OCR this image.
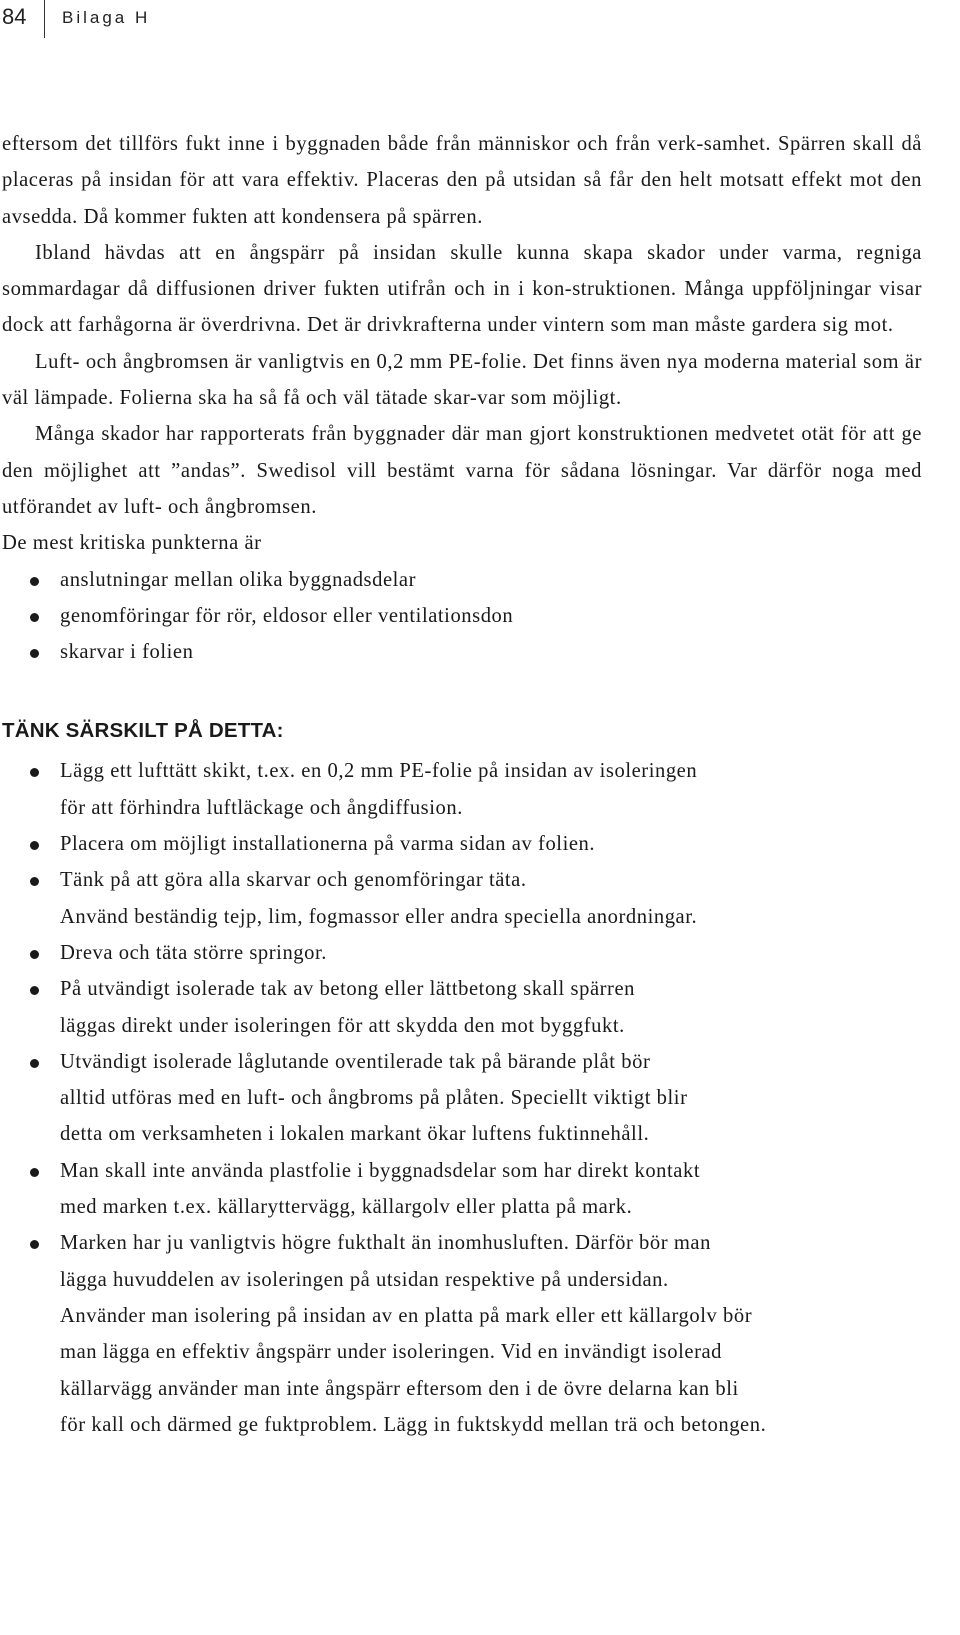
84 Bilaga H

eftersom det tillförs fukt inne i byggnaden både från människor och från verk-samhet. Spärren skall då placeras på insidan för att vara effektiv. Placeras den på utsidan så får den helt motsatt effekt mot den avsedda. Då kommer fukten att kondensera på spärren.

Ibland hävdas att en ångspärr på insidan skulle kunna skapa skador under varma, regniga sommardagar då diffusionen driver fukten utifrån och in i kon-struktionen. Många uppföljningar visar dock att farhågorna är överdrivna. Det är drivkrafterna under vintern som man måste gardera sig mot.

Luft- och ångbromsen är vanligtvis en 0,2 mm PE-folie. Det finns även nya moderna material som är väl lämpade. Folierna ska ha så få och väl tätade skar-var som möjligt.

Många skador har rapporterats från byggnader där man gjort konstruktionen medvetet otät för att ge den möjlighet att ”andas”. Swedisol vill bestämt varna för sådana lösningar. Var därför noga med utförandet av luft- och ångbromsen.

De mest kritiska punkterna är

anslutningar mellan olika byggnadsdelar
genomföringar för rör, eldosor eller ventilationsdon
skarvar i folien
TÄNK SÄRSKILT PÅ DETTA:
Lägg ett lufttätt skikt, t.ex. en 0,2 mm PE-folie på insidan av isoleringen
för att förhindra luftläckage och ångdiffusion.
Placera om möjligt installationerna på varma sidan av folien.
Tänk på att göra alla skarvar och genomföringar täta.
Använd beständig tejp, lim, fogmassor eller andra speciella anordningar.
Dreva och täta större springor.
På utvändigt isolerade tak av betong eller lättbetong skall spärren
läggas direkt under isoleringen för att skydda den mot byggfukt.
Utvändigt isolerade låglutande oventilerade tak på bärande plåt bör
alltid utföras med en luft- och ångbroms på plåten. Speciellt viktigt blir
detta om verksamheten i lokalen markant ökar luftens fuktinnehåll.
Man skall inte använda plastfolie i byggnadsdelar som har direkt kontakt
med marken t.ex. källaryttervägg, källargolv eller platta på mark.
Marken har ju vanligtvis högre fukthalt än inomhusluften. Därför bör man
lägga huvuddelen av isoleringen på utsidan respektive på undersidan.
Använder man isolering på insidan av en platta på mark eller ett källargolv bör
man lägga en effektiv ångspärr under isoleringen. Vid en invändigt isolerad
källarvägg använder man inte ångspärr eftersom den i de övre delarna kan bli
för kall och därmed ge fuktproblem. Lägg in fuktskydd mellan trä och betongen.
